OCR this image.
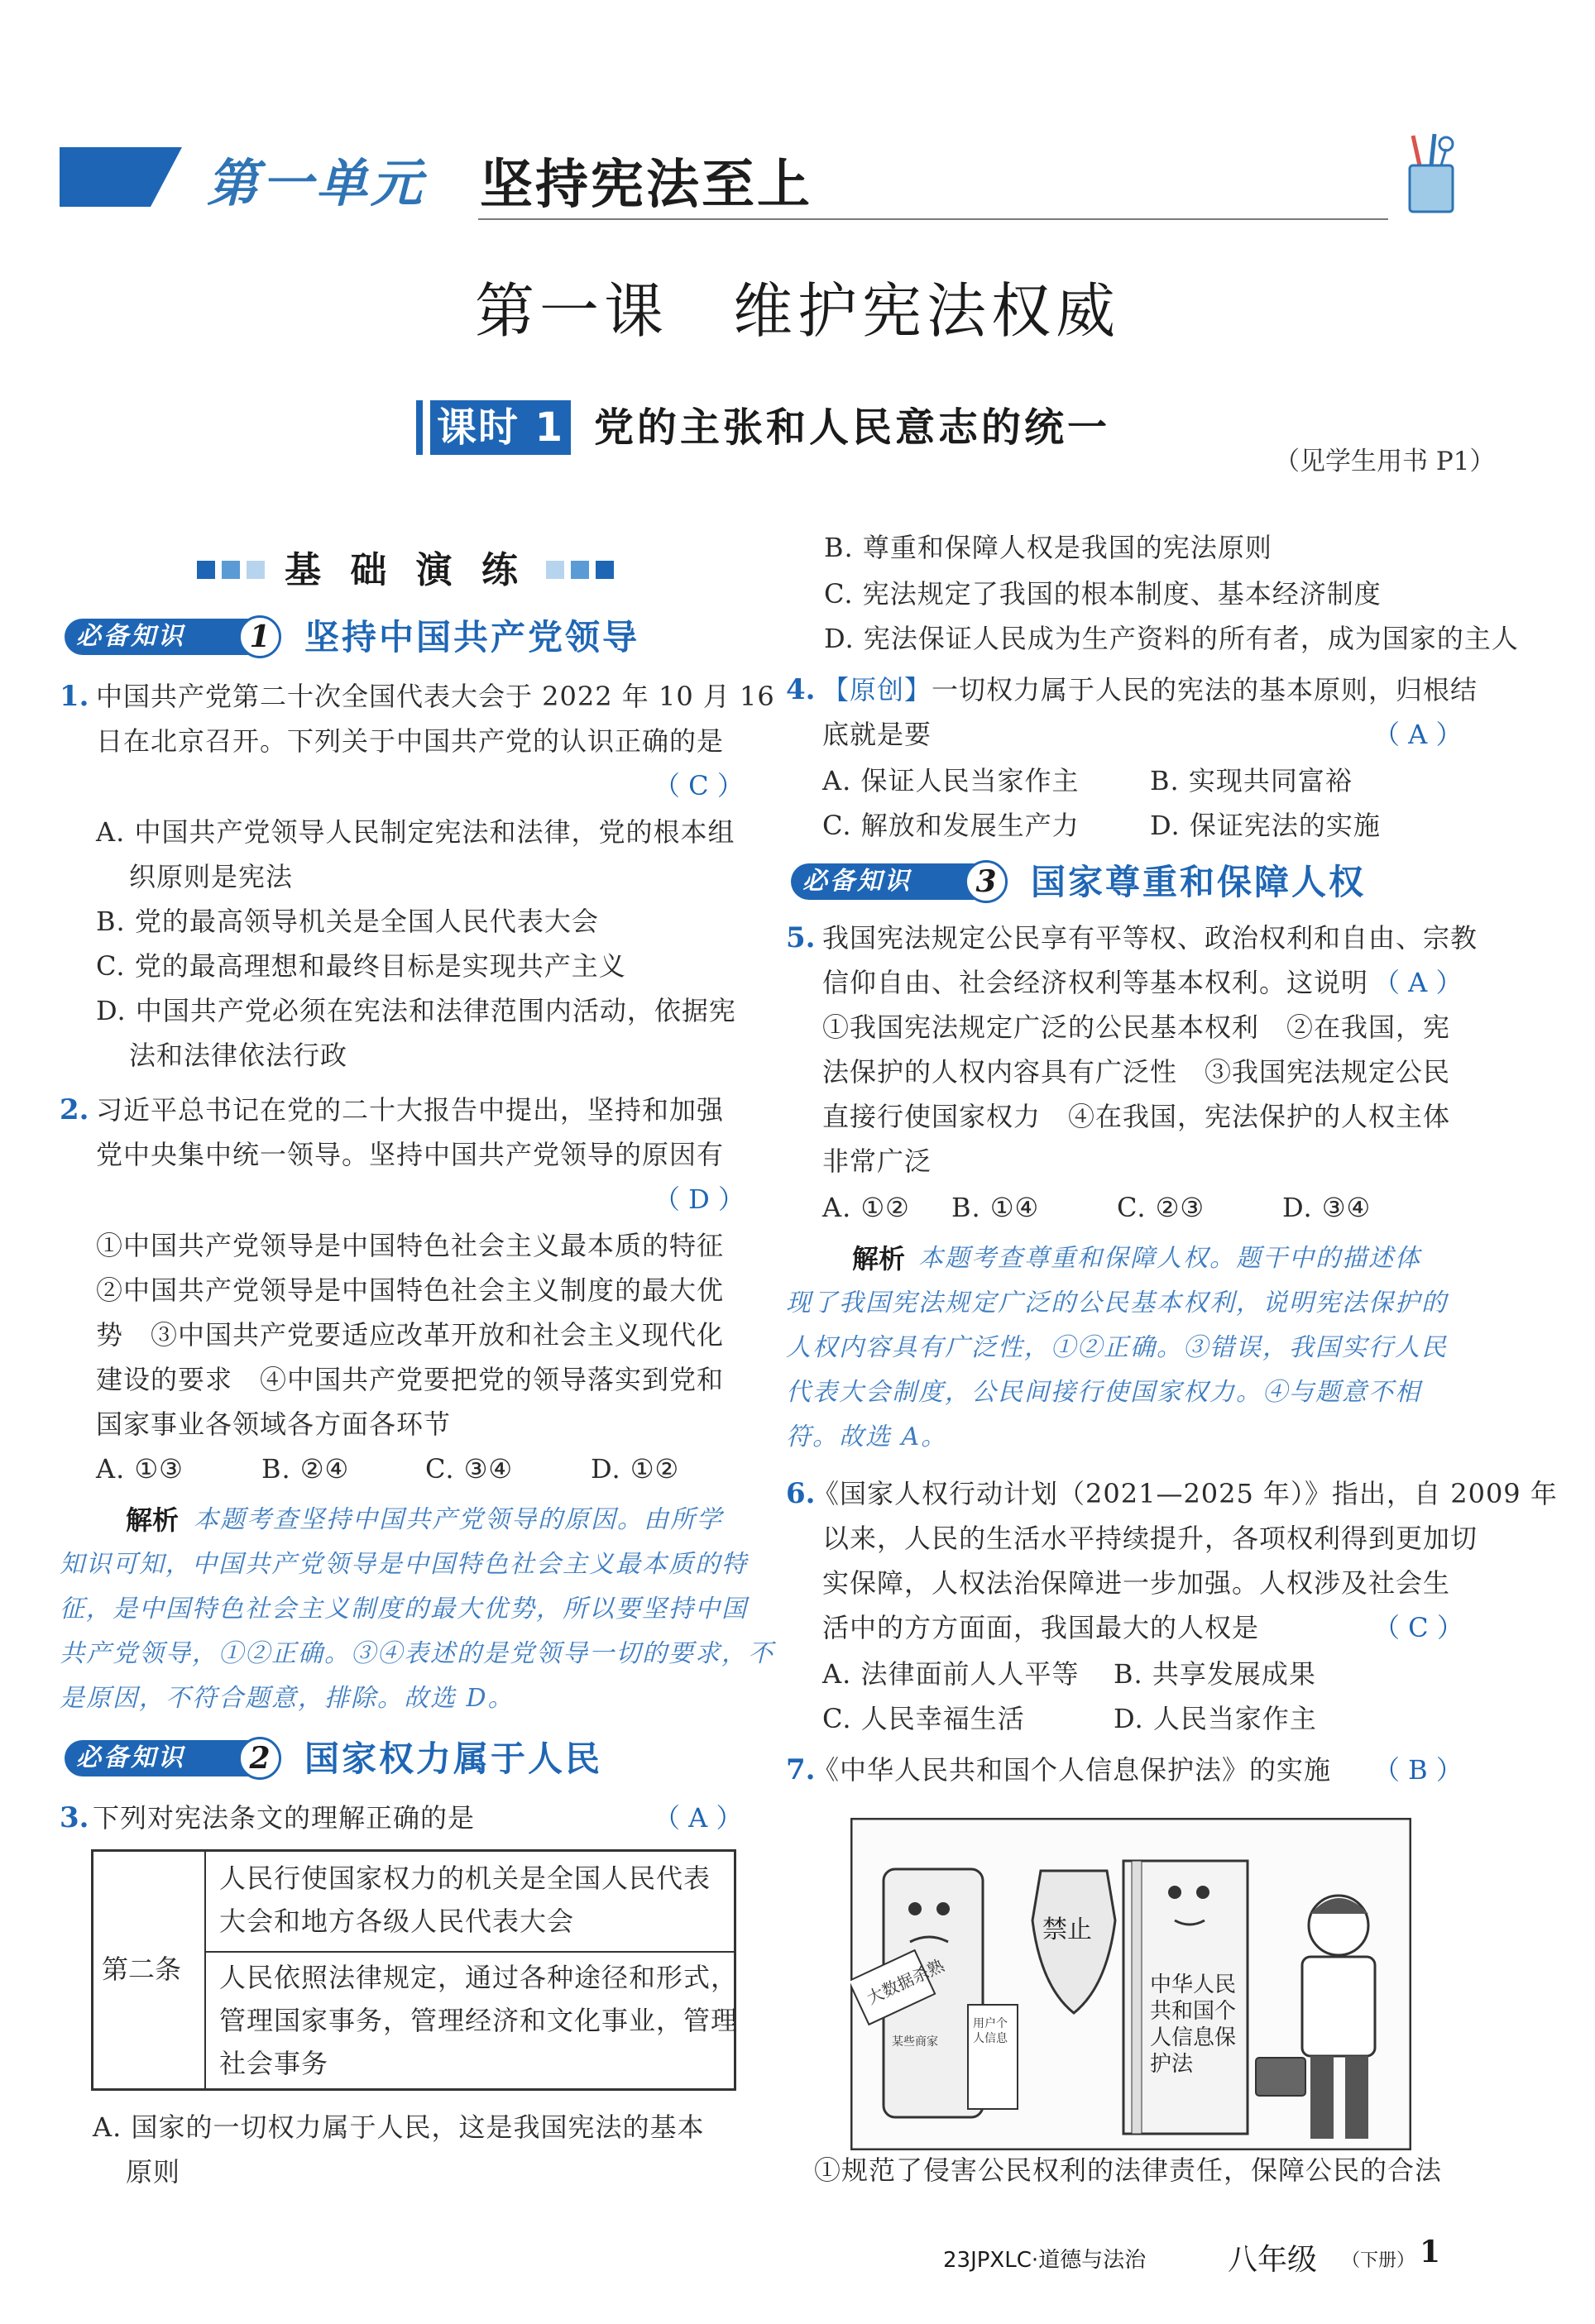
第一单元 坚持宪法至上
第一课　维护宪法权威
课时 1 党的主张和人民意志的统一
（见学生用书 P1）
基 础 演 练
必备知识	1 坚持中国共产党领导
1. 中国共产党第二十次全国代表大会于 2022 年 10 月 16
日在北京召开。下列关于中国共产党的认识正确的是
（ C ）
A. 中国共产党领导人民制定宪法和法律，党的根本组
织原则是宪法
B. 党的最高领导机关是全国人民代表大会
C. 党的最高理想和最终目标是实现共产主义
D. 中国共产党必须在宪法和法律范围内活动，依据宪
法和法律依法行政
2. 习近平总书记在党的二十大报告中提出，坚持和加强
党中央集中统一领导。坚持中国共产党领导的原因有
（ D ）
①中国共产党领导是中国特色社会主义最本质的特征
②中国共产党领导是中国特色社会主义制度的最大优
势　③中国共产党要适应改革开放和社会主义现代化
建设的要求　④中国共产党要把党的领导落实到党和
国家事业各领域各方面各环节
A. ①③	B. ②④	C. ③④	D. ①②
解析 本题考查坚持中国共产党领导的原因。由所学
知识可知，中国共产党领导是中国特色社会主义最本质的特
征，是中国特色社会主义制度的最大优势，所以要坚持中国
共产党领导，①②正确。③④表述的是党领导一切的要求，不
是原因，不符合题意，排除。故选 D。
必备知识	2 国家权力属于人民
3. 下列对宪法条文的理解正确的是	（ A ）
第二条
人民行使国家权力的机关是全国人民代表
大会和地方各级人民代表大会
人民依照法律规定，通过各种途径和形式，
管理国家事务，管理经济和文化事业，管理
社会事务
A. 国家的一切权力属于人民，这是我国宪法的基本
原则
B. 尊重和保障人权是我国的宪法原则
C. 宪法规定了我国的根本制度、基本经济制度
D. 宪法保证人民成为生产资料的所有者，成为国家的主人
4. 【原创】一切权力属于人民的宪法的基本原则，归根结
底就是要	（ A ）
A. 保证人民当家作主	B. 实现共同富裕
C. 解放和发展生产力	D. 保证宪法的实施
必备知识	3 国家尊重和保障人权
5. 我国宪法规定公民享有平等权、政治权利和自由、宗教
信仰自由、社会经济权利等基本权利。这说明 （ A ）
①我国宪法规定广泛的公民基本权利　②在我国，宪
法保护的人权内容具有广泛性　③我国宪法规定公民
直接行使国家权力　④在我国，宪法保护的人权主体
非常广泛
A. ①② B. ①④	C. ②③	D. ③④
解析 本题考查尊重和保障人权。题干中的描述体
现了我国宪法规定广泛的公民基本权利，说明宪法保护的
人权内容具有广泛性，①②正确。③错误，我国实行人民
代表大会制度，公民间接行使国家权力。④与题意不相
符。故选 A。
6.
《国家人权行动计划（2021—2025 年）》指出，自 2009 年
以来，人民的生活水平持续提升，各项权利得到更加切
实保障，人权法治保障进一步加强。人权涉及社会生
活中的方方面面，我国最大的人权是	（ C ）
A. 法律面前人人平等 B. 共享发展成果
C. 人民幸福生活	D. 人民当家作主
7.
《中华人民共和国个人信息保护法》的实施 （ B ）
大数据杀熟
某些商家
用户个人信息
禁止
中华人民共和国个人信息保护法
①规范了侵害公民权利的法律责任，保障公民的合法
23JPXLC·道德与法治	八年级 （下册） 1
